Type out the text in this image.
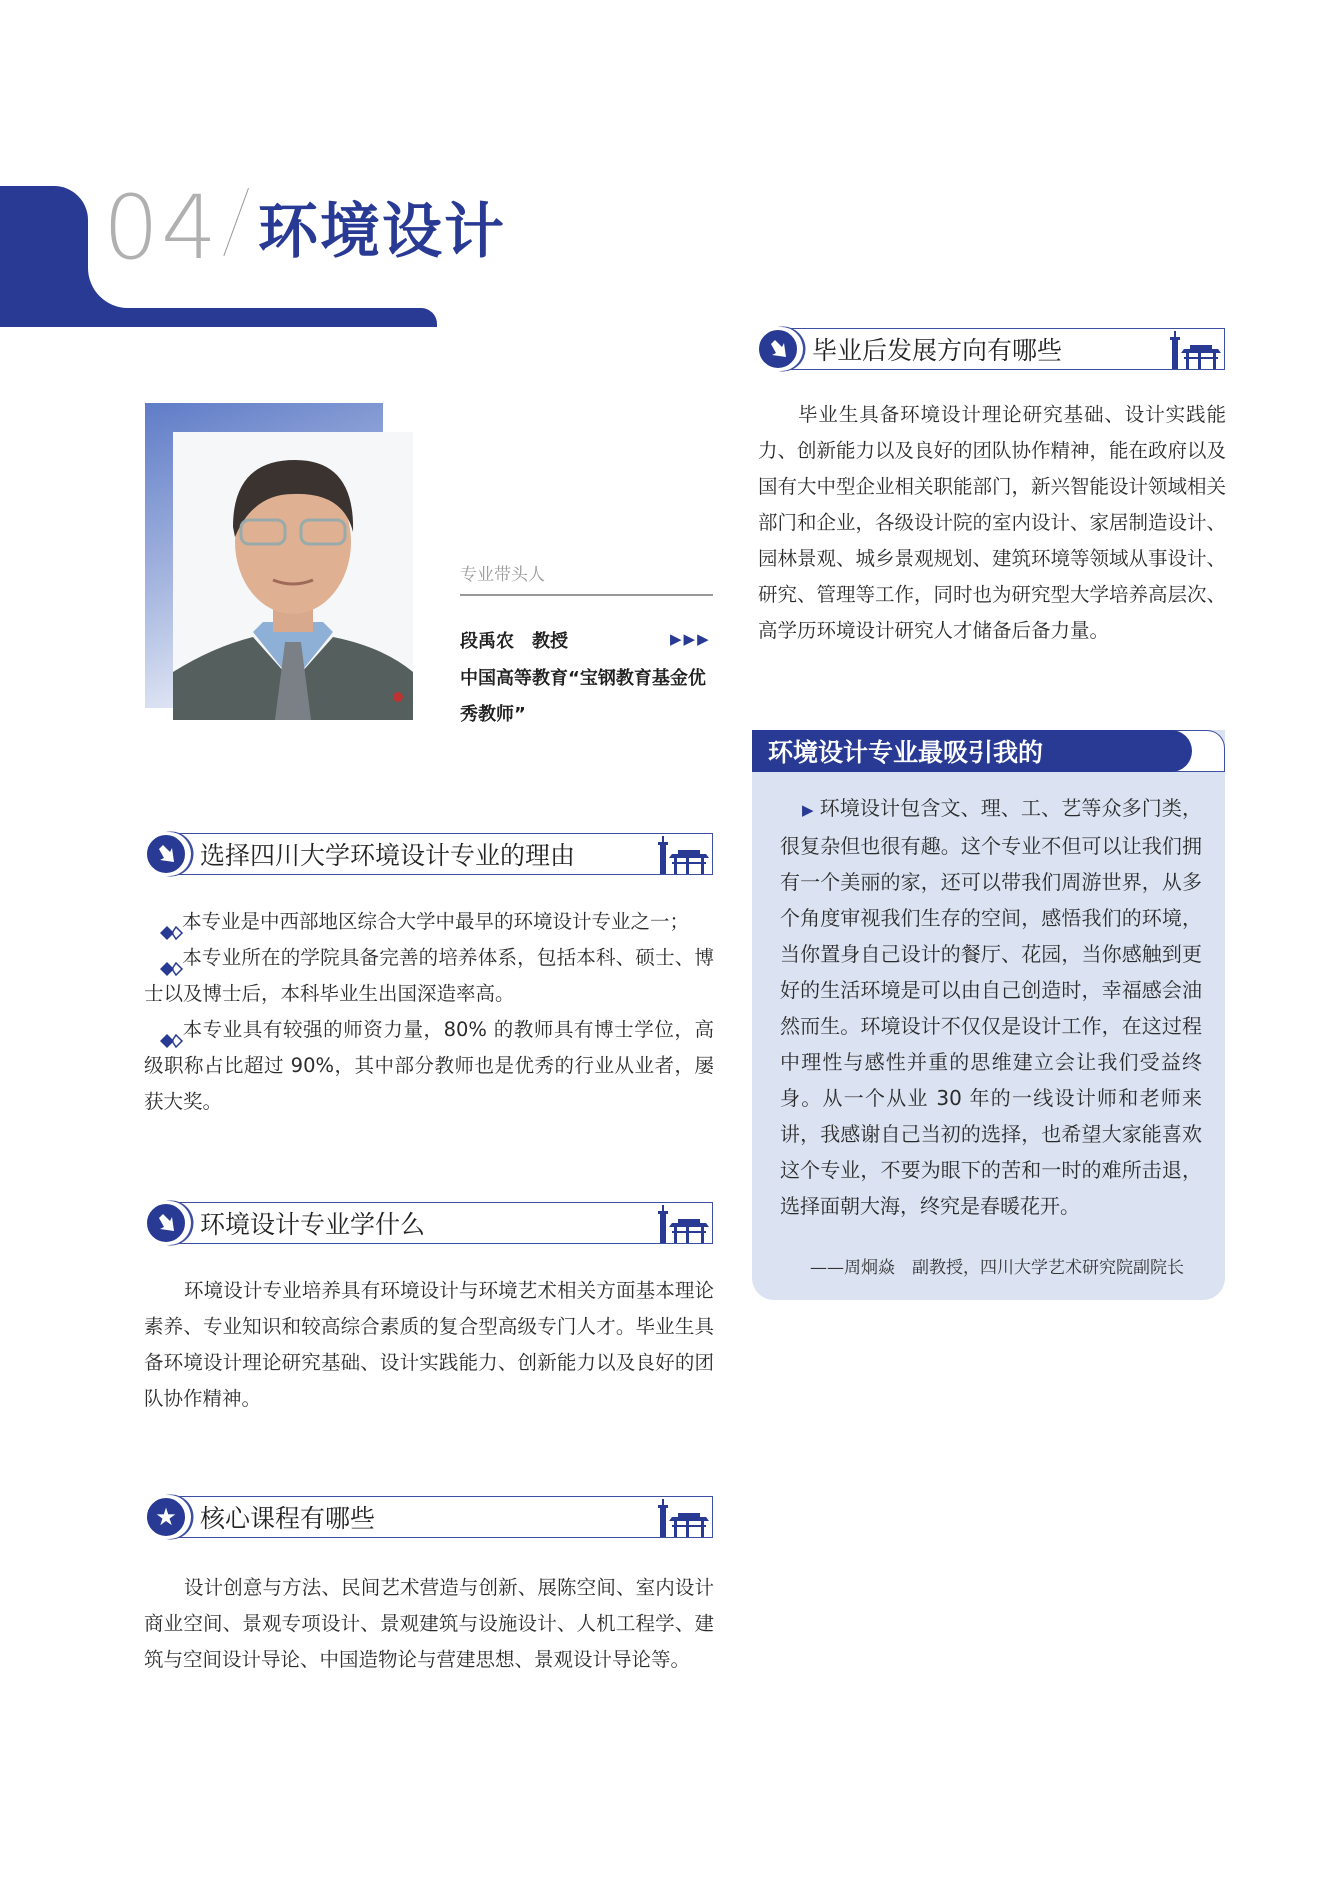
04 环境设计
专业带头人
段禹农　教授	▶▶▶
中国高等教育“宝钢教育基金优秀教师”
选择四川大学环境设计专业的理由
本专业是中西部地区综合大学中最早的环境设计专业之一；
本专业所在的学院具备完善的培养体系，包括本科、硕士、博士以及博士后，本科毕业生出国深造率高。
本专业具有较强的师资力量，80% 的教师具有博士学位，高级职称占比超过 90%，其中部分教师也是优秀的行业从业者，屡获大奖。
环境设计专业学什么
环境设计专业培养具有环境设计与环境艺术相关方面基本理论素养、专业知识和较高综合素质的复合型高级专门人才。毕业生具备环境设计理论研究基础、设计实践能力、创新能力以及良好的团队协作精神。
★ 核心课程有哪些
设计创意与方法、民间艺术营造与创新、展陈空间、室内设计商业空间、景观专项设计、景观建筑与设施设计、人机工程学、建筑与空间设计导论、中国造物论与营建思想、景观设计导论等。
毕业后发展方向有哪些
毕业生具备环境设计理论研究基础、设计实践能力、创新能力以及良好的团队协作精神，能在政府以及国有大中型企业相关职能部门，新兴智能设计领域相关部门和企业，各级设计院的室内设计、家居制造设计、园林景观、城乡景观规划、建筑环境等领域从事设计、研究、管理等工作，同时也为研究型大学培养高层次、高学历环境设计研究人才储备后备力量。
环境设计专业最吸引我的
▶ 环境设计包含文、理、工、艺等众多门类，很复杂但也很有趣。这个专业不但可以让我们拥有一个美丽的家，还可以带我们周游世界，从多个角度审视我们生存的空间，感悟我们的环境，当你置身自己设计的餐厅、花园，当你感触到更好的生活环境是可以由自己创造时，幸福感会油然而生。环境设计不仅仅是设计工作，在这过程中理性与感性并重的思维建立会让我们受益终身。从一个从业 30 年的一线设计师和老师来讲，我感谢自己当初的选择，也希望大家能喜欢这个专业，不要为眼下的苦和一时的难所击退，选择面朝大海，终究是春暖花开。
——周炯焱　副教授，四川大学艺术研究院副院长
